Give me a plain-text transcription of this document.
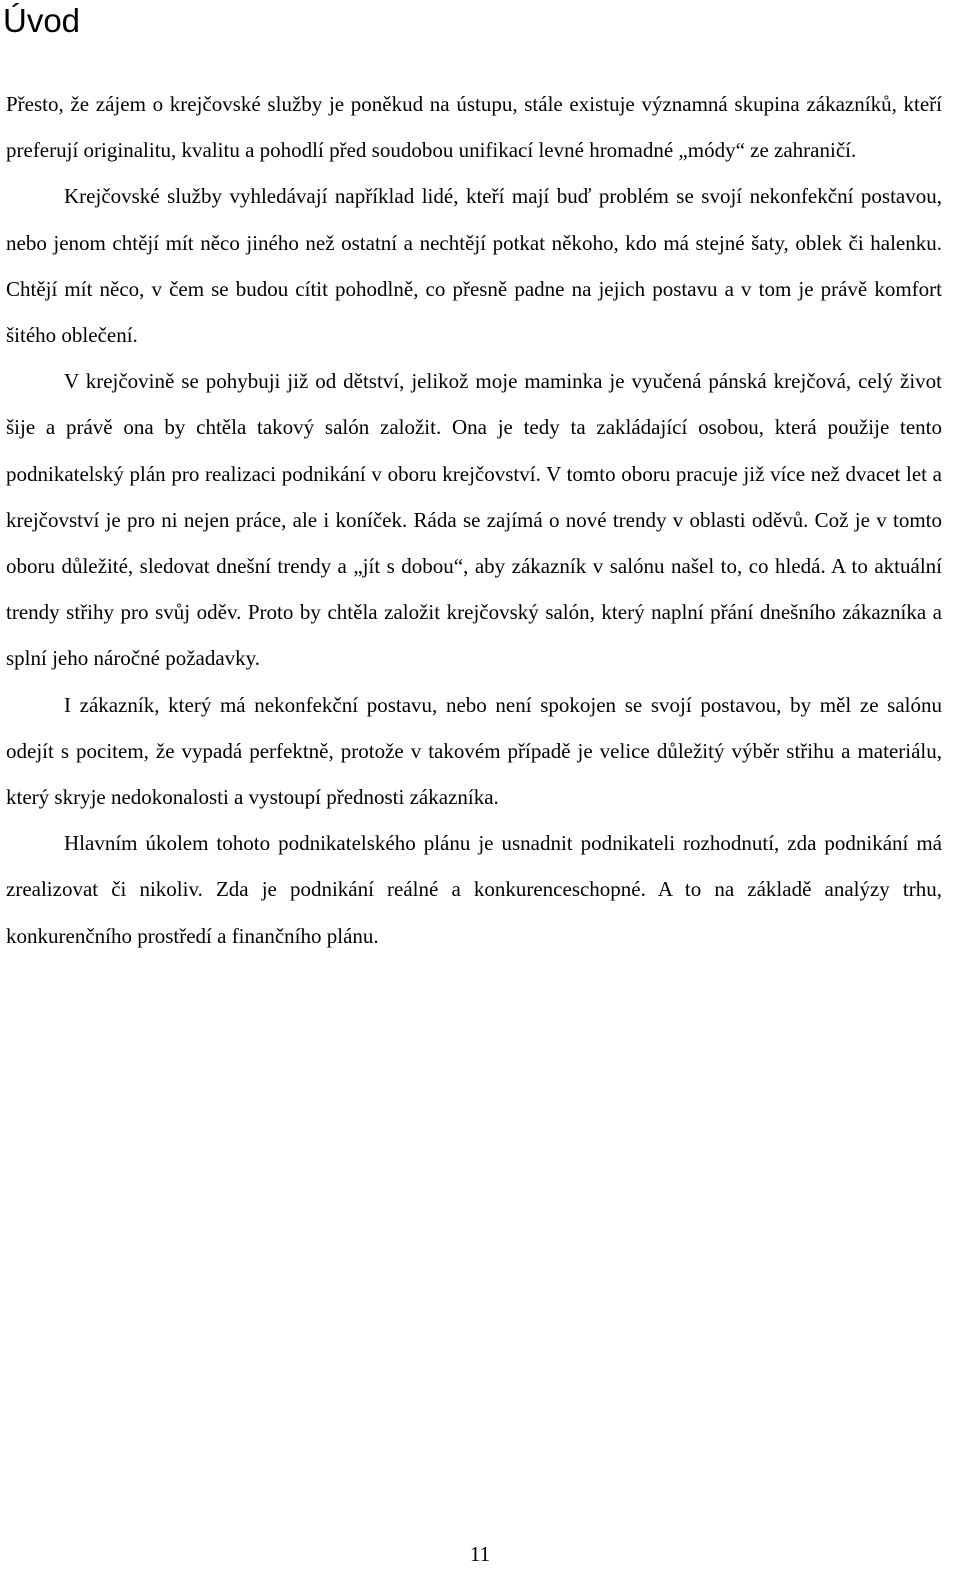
Úvod

Přesto, že zájem o krejčovské služby je poněkud na ústupu, stále existuje významná skupina zákazníků, kteří preferují originalitu, kvalitu a pohodlí před soudobou unifikací levné hromadné „módy“ ze zahraničí.

Krejčovské služby vyhledávají například lidé, kteří mají buď problém se svojí nekonfekční postavou, nebo jenom chtějí mít něco jiného než ostatní a nechtějí potkat někoho, kdo má stejné šaty, oblek či halenku. Chtějí mít něco, v čem se budou cítit pohodlně, co přesně padne na jejich postavu a v tom je právě komfort šitého oblečení.

V krejčovině se pohybuji již od dětství, jelikož moje maminka je vyučená pánská krejčová, celý život šije a právě ona by chtěla takový salón založit. Ona je tedy ta zakládající osobou, která použije tento podnikatelský plán pro realizaci podnikání v oboru krejčovství. V tomto oboru pracuje již více než dvacet let a krejčovství je pro ni nejen práce, ale i koníček. Ráda se zajímá o nové trendy v oblasti oděvů. Což je v tomto oboru důležité, sledovat dnešní trendy a „jít s dobou“, aby zákazník v salónu našel to, co hledá. A to aktuální trendy střihy pro svůj oděv. Proto by chtěla založit krejčovský salón, který naplní přání dnešního zákazníka a splní jeho náročné požadavky.

I zákazník, který má nekonfekční postavu, nebo není spokojen se svojí postavou, by měl ze salónu odejít s pocitem, že vypadá perfektně, protože v takovém případě je velice důležitý výběr střihu a materiálu, který skryje nedokonalosti a vystoupí přednosti zákazníka.

Hlavním úkolem tohoto podnikatelského plánu je usnadnit podnikateli rozhodnutí, zda podnikání má zrealizovat či nikoliv. Zda je podnikání reálné a konkurenceschopné. A to na základě analýzy trhu, konkurenčního prostředí a finančního plánu.

11
